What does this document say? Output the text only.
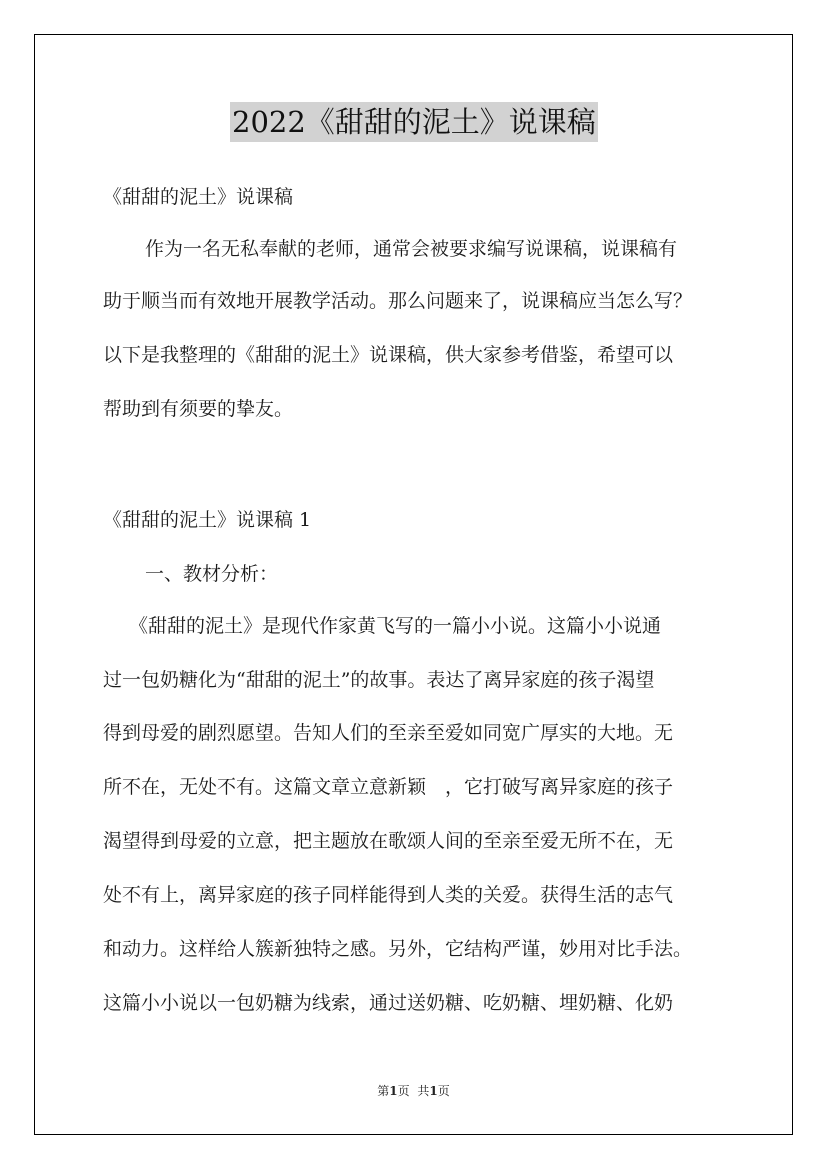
2022《甜甜的泥土》说课稿
《甜甜的泥土》说课稿
作为一名无私奉献的老师，通常会被要求编写说课稿，说课稿有
助于顺当而有效地开展教学活动。那么问题来了，说课稿应当怎么写？
以下是我整理的《甜甜的泥土》说课稿，供大家参考借鉴，希望可以
帮助到有须要的挚友。
《甜甜的泥土》说课稿 1
一、教材分析：
《甜甜的泥土》是现代作家黄飞写的一篇小小说。这篇小小说通
过一包奶糖化为“甜甜的泥土”的故事。表达了离异家庭的孩子渴望
得到母爱的剧烈愿望。告知人们的至亲至爱如同宽广厚实的大地。无
所不在，无处不有。这篇文章立意新颖　，它打破写离异家庭的孩子
渴望得到母爱的立意，把主题放在歌颂人间的至亲至爱无所不在，无
处不有上，离异家庭的孩子同样能得到人类的关爱。获得生活的志气
和动力。这样给人簇新独特之感。另外，它结构严谨，妙用对比手法。
这篇小小说以一包奶糖为线索，通过送奶糖、吃奶糖、埋奶糖、化奶
第1页 共1页
